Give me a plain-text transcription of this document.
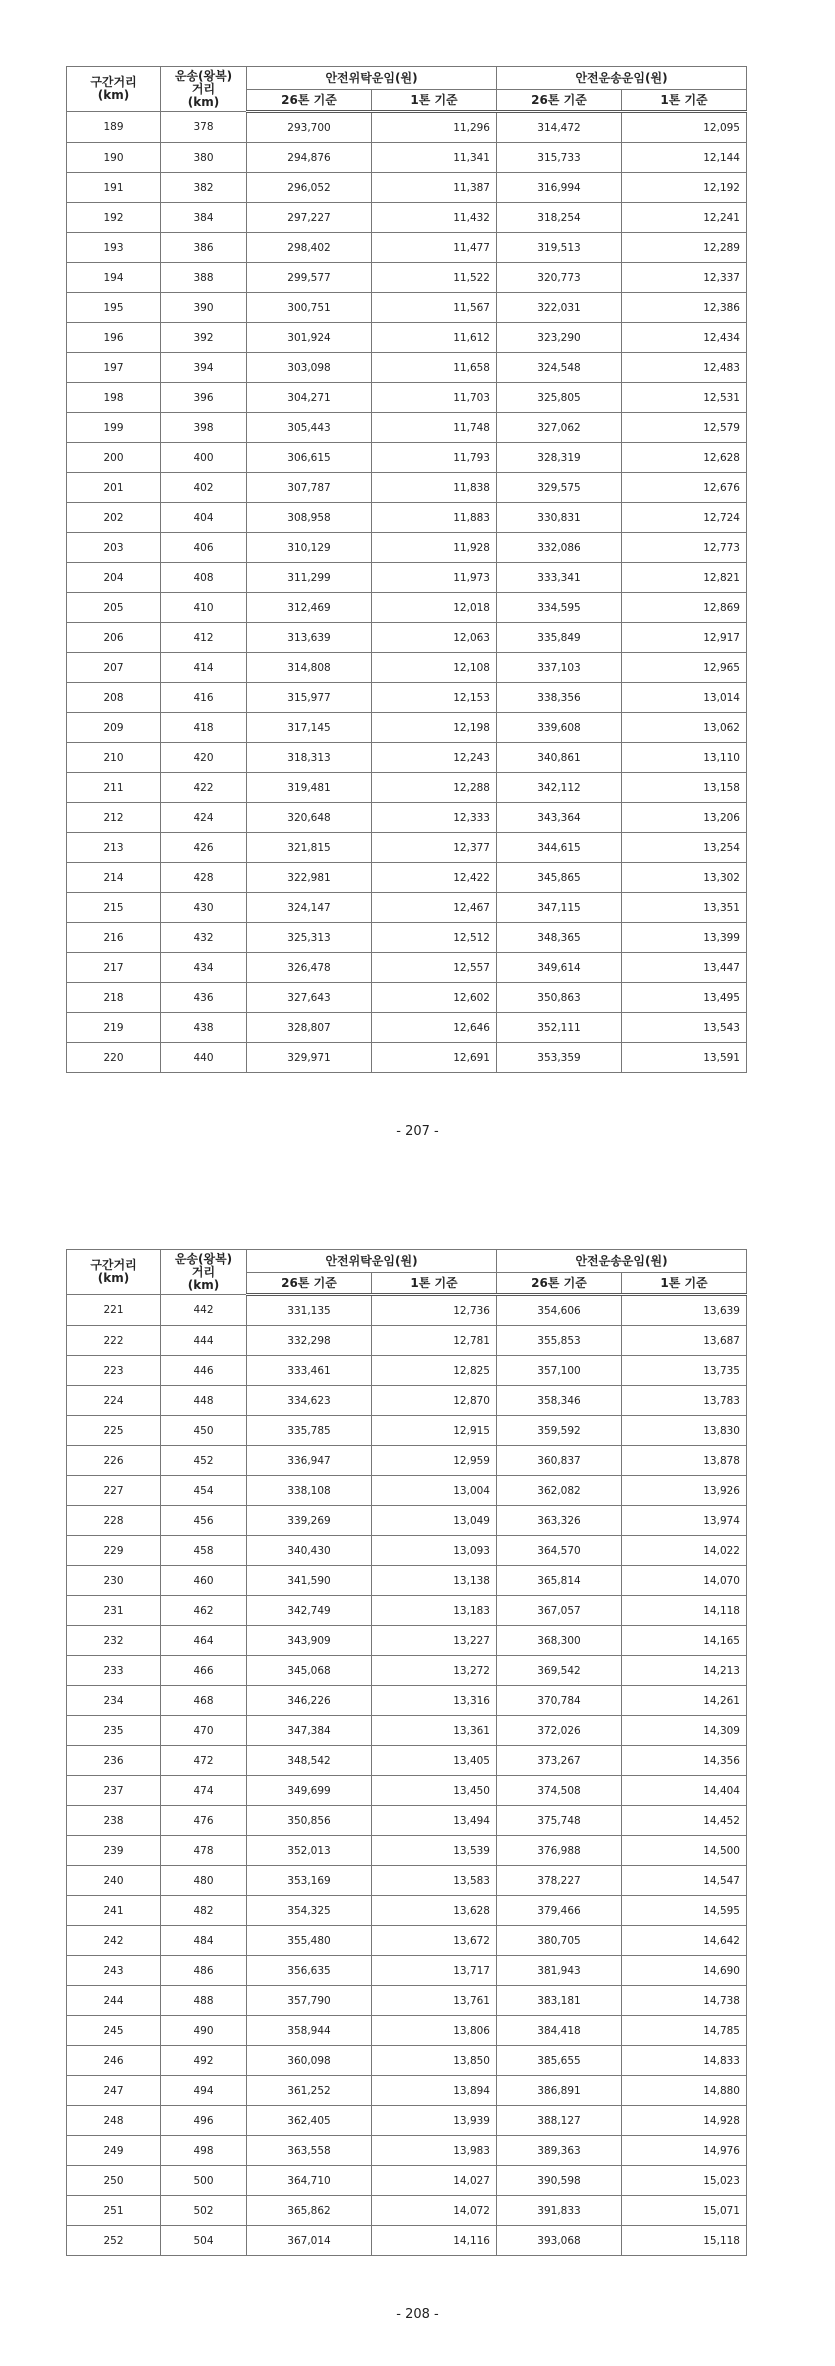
구간거리
(km)	운송(왕복)
거리
(km)	안전위탁운임(원)		안전운송운임(원)	
		26톤 기준	1톤 기준	26톤 기준	1톤 기준
189	378	293,700	11,296	314,472	12,095
190	380	294,876	11,341	315,733	12,144
191	382	296,052	11,387	316,994	12,192
192	384	297,227	11,432	318,254	12,241
193	386	298,402	11,477	319,513	12,289
194	388	299,577	11,522	320,773	12,337
195	390	300,751	11,567	322,031	12,386
196	392	301,924	11,612	323,290	12,434
197	394	303,098	11,658	324,548	12,483
198	396	304,271	11,703	325,805	12,531
199	398	305,443	11,748	327,062	12,579
200	400	306,615	11,793	328,319	12,628
201	402	307,787	11,838	329,575	12,676
202	404	308,958	11,883	330,831	12,724
203	406	310,129	11,928	332,086	12,773
204	408	311,299	11,973	333,341	12,821
205	410	312,469	12,018	334,595	12,869
206	412	313,639	12,063	335,849	12,917
207	414	314,808	12,108	337,103	12,965
208	416	315,977	12,153	338,356	13,014
209	418	317,145	12,198	339,608	13,062
210	420	318,313	12,243	340,861	13,110
211	422	319,481	12,288	342,112	13,158
212	424	320,648	12,333	343,364	13,206
213	426	321,815	12,377	344,615	13,254
214	428	322,981	12,422	345,865	13,302
215	430	324,147	12,467	347,115	13,351
216	432	325,313	12,512	348,365	13,399
217	434	326,478	12,557	349,614	13,447
218	436	327,643	12,602	350,863	13,495
219	438	328,807	12,646	352,111	13,543
220	440	329,971	12,691	353,359	13,591
- 207 -
구간거리
(km)	운송(왕복)
거리
(km)	안전위탁운임(원)		안전운송운임(원)	
		26톤 기준	1톤 기준	26톤 기준	1톤 기준
221	442	331,135	12,736	354,606	13,639
222	444	332,298	12,781	355,853	13,687
223	446	333,461	12,825	357,100	13,735
224	448	334,623	12,870	358,346	13,783
225	450	335,785	12,915	359,592	13,830
226	452	336,947	12,959	360,837	13,878
227	454	338,108	13,004	362,082	13,926
228	456	339,269	13,049	363,326	13,974
229	458	340,430	13,093	364,570	14,022
230	460	341,590	13,138	365,814	14,070
231	462	342,749	13,183	367,057	14,118
232	464	343,909	13,227	368,300	14,165
233	466	345,068	13,272	369,542	14,213
234	468	346,226	13,316	370,784	14,261
235	470	347,384	13,361	372,026	14,309
236	472	348,542	13,405	373,267	14,356
237	474	349,699	13,450	374,508	14,404
238	476	350,856	13,494	375,748	14,452
239	478	352,013	13,539	376,988	14,500
240	480	353,169	13,583	378,227	14,547
241	482	354,325	13,628	379,466	14,595
242	484	355,480	13,672	380,705	14,642
243	486	356,635	13,717	381,943	14,690
244	488	357,790	13,761	383,181	14,738
245	490	358,944	13,806	384,418	14,785
246	492	360,098	13,850	385,655	14,833
247	494	361,252	13,894	386,891	14,880
248	496	362,405	13,939	388,127	14,928
249	498	363,558	13,983	389,363	14,976
250	500	364,710	14,027	390,598	15,023
251	502	365,862	14,072	391,833	15,071
252	504	367,014	14,116	393,068	15,118
- 208 -
